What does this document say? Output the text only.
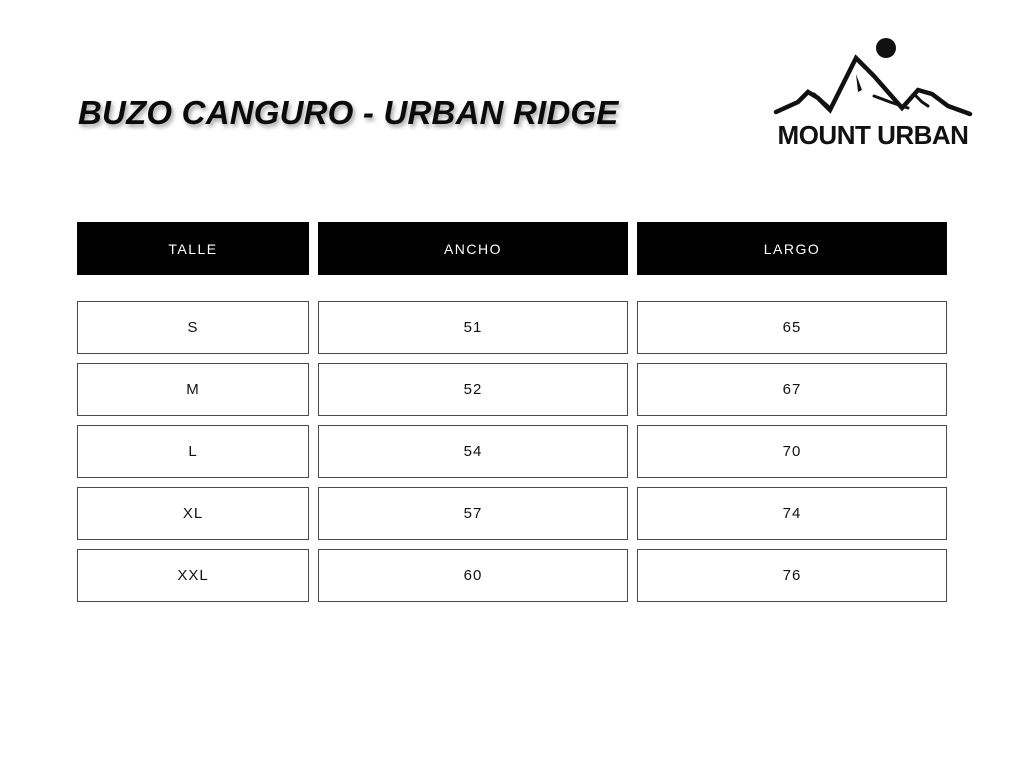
BUZO CANGURO - URBAN RIDGE
MOUNT URBAN
TALLE	ANCHO	LARGO
S	51	65
M	52	67
L	54	70
XL	57	74
XXL	60	76
